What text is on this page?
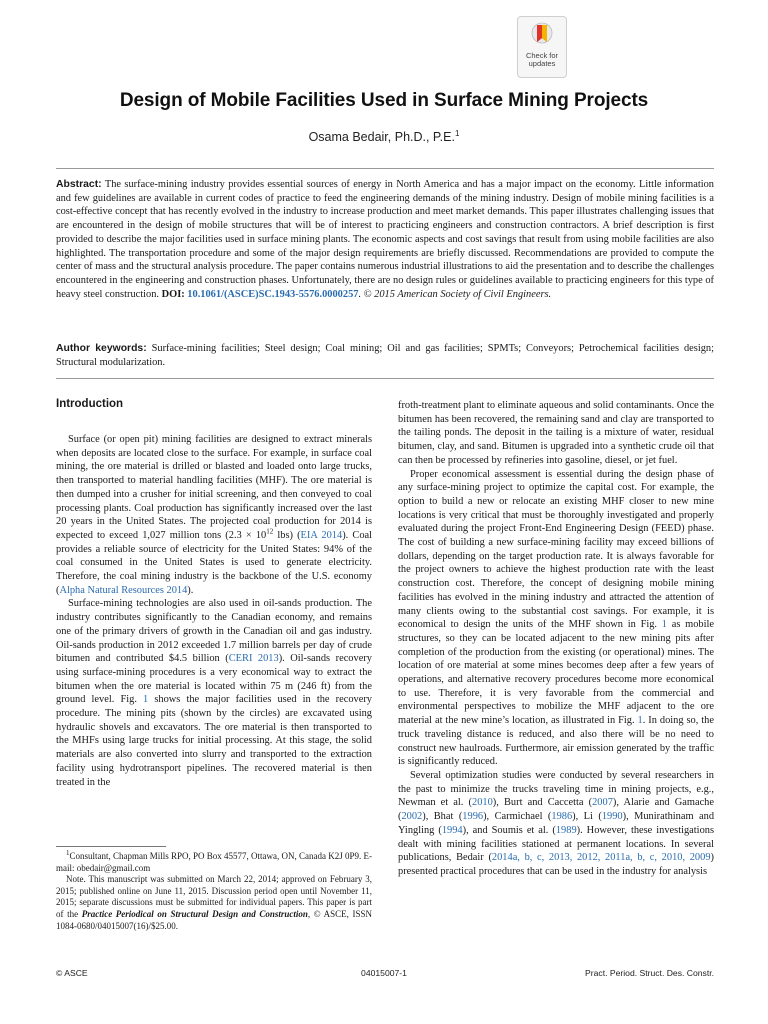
Check for
updates
Design of Mobile Facilities Used in Surface Mining Projects
Osama Bedair, Ph.D., P.E.$^1$
Abstract: The surface-mining industry provides essential sources of energy in North America and has a major impact on the economy. Little information and few guidelines are available in current codes of practice to feed the engineering demands of the mining industry. Design of mobile mining facilities is a cost-effective concept that has recently evolved in the industry to increase production and meet market demands. This paper illustrates challenging issues that are encountered in the design of mobile structures that will be of interest to practicing engineers and construction contractors. A brief description is first provided to describe the major facilities used in surface mining plants. The economic aspects and cost savings that result from using mobile facilities are also highlighted. The transportation procedure and some of the major design requirements are briefly discussed. Recommendations are provided to compute the center of mass and the structural analysis procedure. The paper contains numerous industrial illustrations to aid the presentation and to describe the challenges encountered in the engineering and construction phases. Unfortunately, there are no design rules or guidelines available to practicing engineers for this type of heavy steel construction. DOI: 10.1061/(ASCE)SC.1943-5576.0000257. © 2015 American Society of Civil Engineers.
Author keywords: Surface-mining facilities; Steel design; Coal mining; Oil and gas facilities; SPMTs; Conveyors; Petrochemical facilities design; Structural modularization.
Introduction

Surface (or open pit) mining facilities are designed to extract minerals when deposits are located close to the surface. For example, in surface coal mining, the ore material is drilled or blasted and loaded onto large trucks, then transported to material handling facilities (MHF). The ore material is then dumped into a crusher for initial screening, and then conveyed to coal processing plants. Coal production has significantly increased over the last 20 years in the United States. The projected coal production for 2014 is expected to exceed 1,027 million tons ($2.3 \times 10^{12}$ lbs) (EIA 2014). Coal provides a reliable source of electricity for the United States: 94% of the coal consumed in the United States is used to generate electricity. Therefore, the coal mining industry is the backbone of the U.S. economy (Alpha Natural Resources 2014).

Surface-mining technologies are also used in oil-sands production. The industry contributes significantly to the Canadian economy, and remains one of the primary drivers of growth in the Canadian oil and gas industry. Oil-sands production in 2012 exceeded 1.7 million barrels per day of crude bitumen and contributed $4.5 billion (CERI 2013). Oil-sands recovery using surface-mining procedures is a very economical way to extract the bitumen when the ore material is located within 75 m (246 ft) from the ground level. Fig. 1 shows the major facilities used in the recovery procedure. The mining pits (shown by the circles) are excavated using hydraulic shovels and excavators. The ore material is then transported to the MHFs using large trucks for initial processing. At this stage, the solid materials are also converted into slurry and transported to the extraction facility using hydrotransport pipelines. The recovered material is then treated in the

$^1$Consultant, Chapman Mills RPO, PO Box 45577, Ottawa, ON, Canada K2J 0P9. E-mail: obedair@gmail.com

Note. This manuscript was submitted on March 22, 2014; approved on February 3, 2015; published online on June 11, 2015. Discussion period open until November 11, 2015; separate discussions must be submitted for individual papers. This paper is part of the Practice Periodical on Structural Design and Construction, © ASCE, ISSN 1084-0680/04015007(16)/$25.00.

froth-treatment plant to eliminate aqueous and solid contaminants. Once the bitumen has been recovered, the remaining sand and clay are transported to the tailing ponds. The deposit in the tailing is a mixture of water, residual bitumen, clay, and sand. Bitumen is upgraded into a synthetic crude oil that can then be processed by refineries into gasoline, diesel, or jet fuel.

Proper economical assessment is essential during the design phase of any surface-mining project to optimize the capital cost. For example, the option to build a new or relocate an existing MHF closer to new mine locations is very critical that must be thoroughly investigated and properly evaluated during the project Front-End Engineering Design (FEED) phase. The cost of building a new surface-mining facility may exceed billions of dollars, depending on the target production rate. It is always favorable for the project owners to achieve the highest production rate with the least construction cost. Therefore, the concept of designing mobile mining facilities has evolved in the mining industry and attracted the attention of many clients owing to the substantial cost savings. For example, it is economical to design the units of the MHF shown in Fig. 1 as mobile structures, so they can be located adjacent to the new mining pits after completion of the production from the existing (or operational) mines. The location of ore material at some mines becomes deep after a few years of operations, and alternative recovery procedures become more economical to use. Therefore, it is very favorable from the commercial and environmental perspectives to mobilize the MHF adjacent to the ore material at the new mine’s location, as illustrated in Fig. 1. In doing so, the truck traveling distance is reduced, and also there will be no need to construct new haulroads. Furthermore, air emission generated by the traffic is significantly reduced.

Several optimization studies were conducted by several researchers in the past to minimize the trucks traveling time in mining projects, e.g., Newman et al. (2010), Burt and Caccetta (2007), Alarie and Gamache (2002), Bhat (1996), Carmichael (1986), Li (1990), Munirathinam and Yingling (1994), and Soumis et al. (1989). However, these investigations dealt with mining facilities stationed at permanent locations. In several publications, Bedair (2014a, b, c, 2013, 2012, 2011a, b, c, 2010, 2009) presented practical procedures that can be used in the industry for analysis

© ASCE	04015007-1	Pract. Period. Struct. Des. Constr.
